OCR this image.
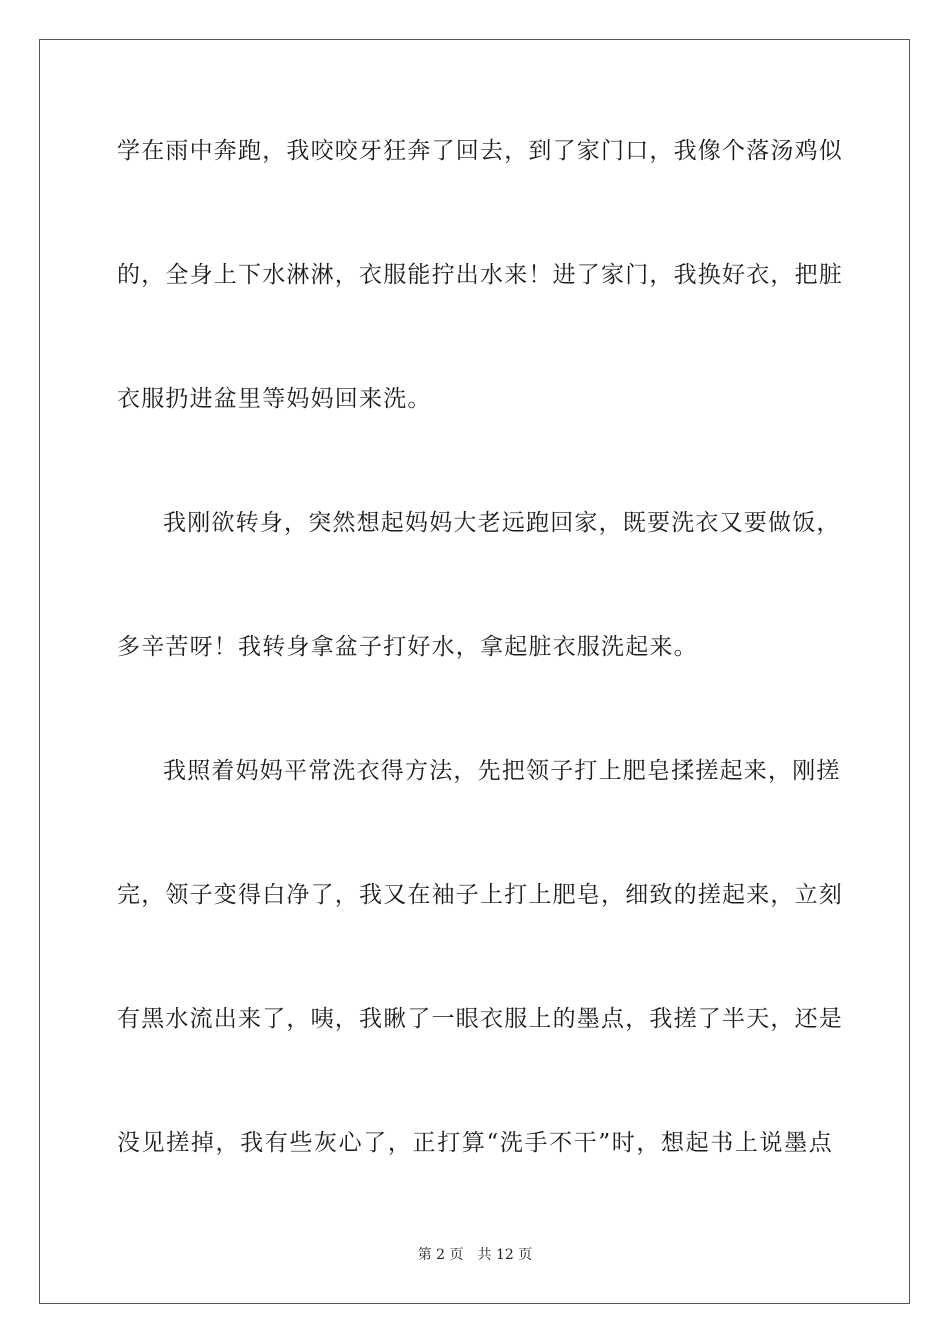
学在雨中奔跑，我咬咬牙狂奔了回去，到了家门口，我像个落汤鸡似
的，全身上下水淋淋，衣服能拧出水来！进了家门，我换好衣，把脏
衣服扔进盆里等妈妈回来洗。
我刚欲转身，突然想起妈妈大老远跑回家，既要洗衣又要做饭，
多辛苦呀！我转身拿盆子打好水，拿起脏衣服洗起来。
我照着妈妈平常洗衣得方法，先把领子打上肥皂揉搓起来，刚搓
完，领子变得白净了，我又在袖子上打上肥皂，细致的搓起来，立刻
有黑水流出来了，咦，我瞅了一眼衣服上的墨点，我搓了半天，还是
没见搓掉，我有些灰心了，正打算“洗手不干”时，想起书上说墨点
第 2 页 共 12 页
